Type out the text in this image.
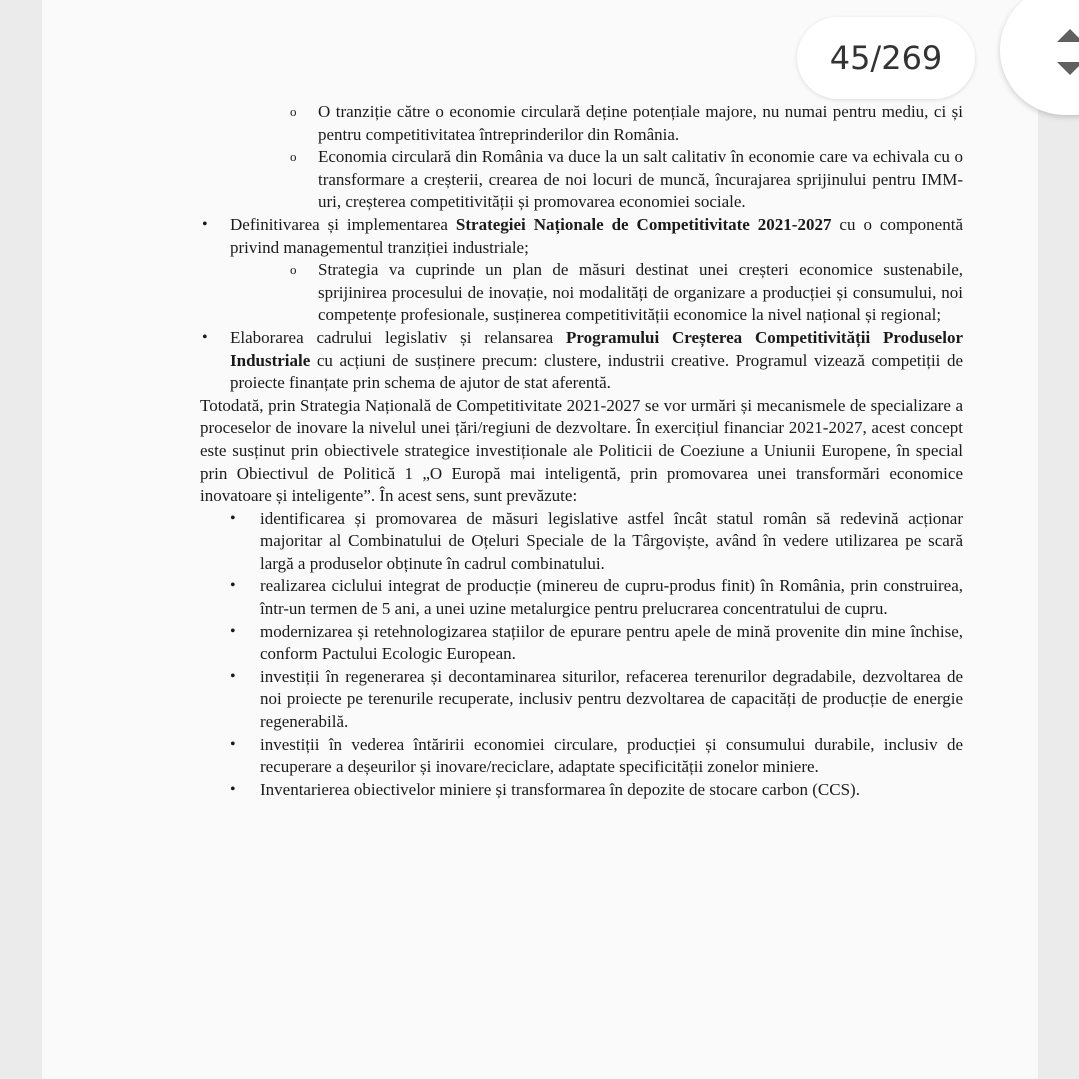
o O tranziție către o economie circulară deține potențiale majore, nu numai pentru mediu, ci și pentru competitivitatea întreprinderilor din România.
o Economia circulară din România va duce la un salt calitativ în economie care va echivala cu o transformare a creșterii, crearea de noi locuri de muncă, încurajarea sprijinului pentru IMM-uri, creșterea competitivității și promovarea economiei sociale.
• Definitivarea și implementarea Strategiei Naționale de Competitivitate 2021-2027 cu o componentă privind managementul tranziției industriale;
o Strategia va cuprinde un plan de măsuri destinat unei creșteri economice sustenabile, sprijinirea procesului de inovație, noi modalități de organizare a producției și consumului, noi competențe profesionale, susținerea competitivității economice la nivel național și regional;
• Elaborarea cadrului legislativ și relansarea Programului Creșterea Competitivității Produselor Industriale cu acțiuni de susținere precum: clustere, industrii creative. Programul vizează competiții de proiecte finanțate prin schema de ajutor de stat aferentă.
Totodată, prin Strategia Națională de Competitivitate 2021-2027 se vor urmări și mecanismele de specializare a proceselor de inovare la nivelul unei țări/regiuni de dezvoltare. În exercițiul financiar 2021-2027, acest concept este susținut prin obiectivele strategice investiționale ale Politicii de Coeziune a Uniunii Europene, în special prin Obiectivul de Politică 1 „O Europă mai inteligentă, prin promovarea unei transformări economice inovatoare și inteligente”. În acest sens, sunt prevăzute:
• identificarea și promovarea de măsuri legislative astfel încât statul român să redevină acționar majoritar al Combinatului de Oțeluri Speciale de la Târgoviște, având în vedere utilizarea pe scară largă a produselor obținute în cadrul combinatului.
• realizarea ciclului integrat de producție (minereu de cupru-produs finit) în România, prin construirea, într-un termen de 5 ani, a unei uzine metalurgice pentru prelucrarea concentratului de cupru.
• modernizarea și retehnologizarea stațiilor de epurare pentru apele de mină provenite din mine închise, conform Pactului Ecologic European.
• investiții în regenerarea și decontaminarea siturilor, refacerea terenurilor degradabile, dezvoltarea de noi proiecte pe terenurile recuperate, inclusiv pentru dezvoltarea de capacități de producție de energie regenerabilă.
• investiții în vederea întăririi economiei circulare, producției și consumului durabile, inclusiv de recuperare a deșeurilor și inovare/reciclare, adaptate specificității zonelor miniere.
• Inventarierea obiectivelor miniere și transformarea în depozite de stocare carbon (CCS).
45/269
